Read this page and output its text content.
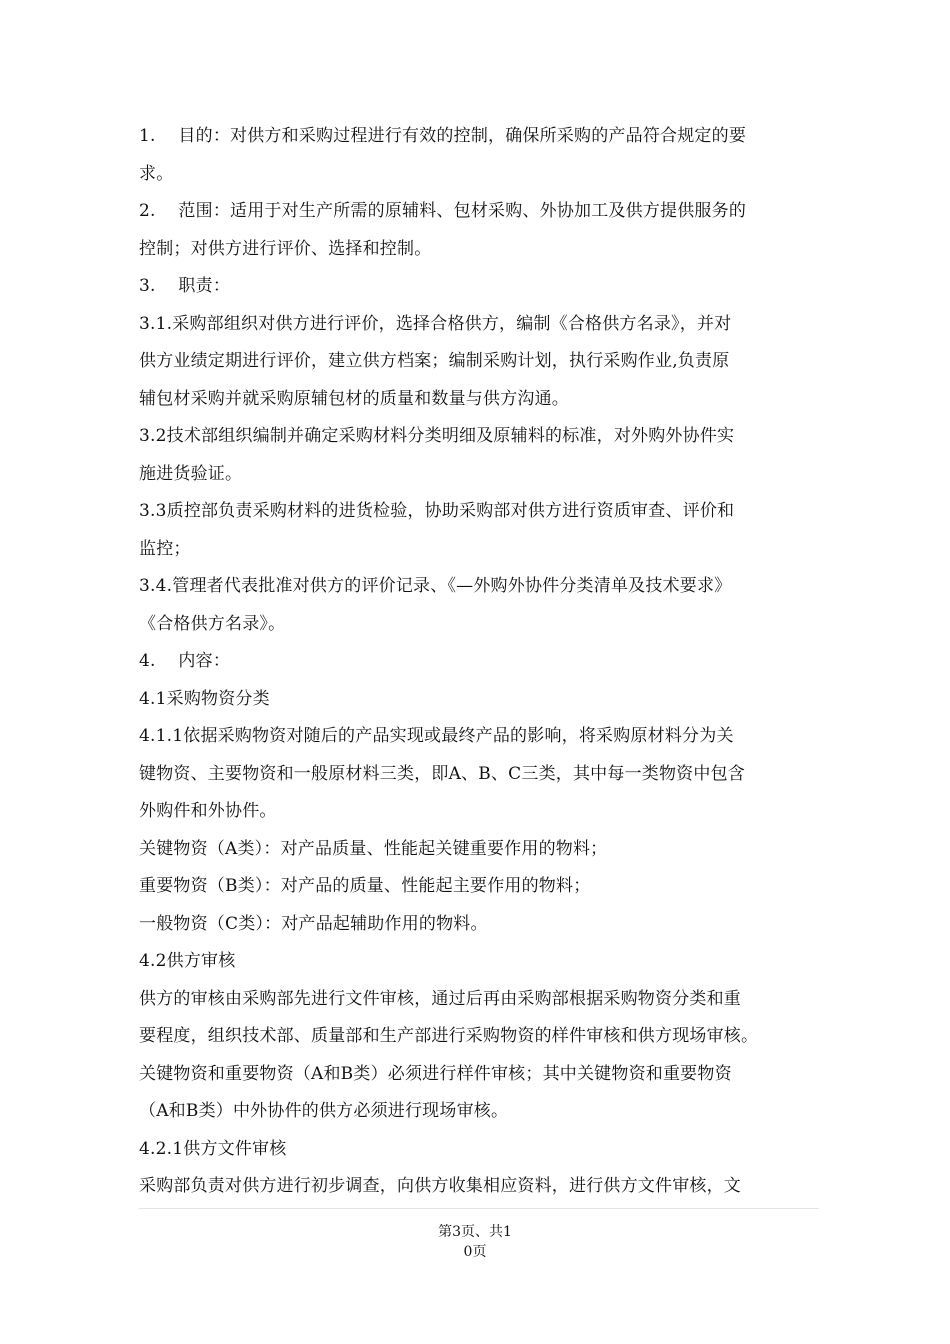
1.　 目的：对供方和采购过程进行有效的控制，确保所采购的产品符合规定的要
求。
2.　 范围：适用于对生产所需的原辅料、包材采购、外协加工及供方提供服务的
控制；对供方进行评价、选择和控制。
3.　 职责：
3.1.采购部组织对供方进行评价，选择合格供方，编制《合格供方名录》，并对
供方业绩定期进行评价，建立供方档案；编制采购计划，执行采购作业,负责原
辅包材采购并就采购原辅包材的质量和数量与供方沟通。
3.2技术部组织编制并确定采购材料分类明细及原辅料的标准，对外购外协件实
施进货验证。
3.3质控部负责采购材料的进货检验，协助采购部对供方进行资质审查、评价和
监控；
3.4.管理者代表批准对供方的评价记录、《—外购外协件分类清单及技术要求》
《合格供方名录》。
4.　 内容：
4.1采购物资分类
4.1.1依据采购物资对随后的产品实现或最终产品的影响，将采购原材料分为关
键物资、主要物资和一般原材料三类，即A、B、C三类，其中每一类物资中包含
外购件和外协件。
关键物资（A类）：对产品质量、性能起关键重要作用的物料；
重要物资（B类）：对产品的质量、性能起主要作用的物料；
一般物资（C类）：对产品起辅助作用的物料。
4.2供方审核
供方的审核由采购部先进行文件审核，通过后再由采购部根据采购物资分类和重
要程度，组织技术部、质量部和生产部进行采购物资的样件审核和供方现场审核。
关键物资和重要物资（A和B类）必须进行样件审核；其中关键物资和重要物资
（A和B类）中外协件的供方必须进行现场审核。
4.2.1供方文件审核
采购部负责对供方进行初步调查，向供方收集相应资料，进行供方文件审核，文
第3页、共1
0页
